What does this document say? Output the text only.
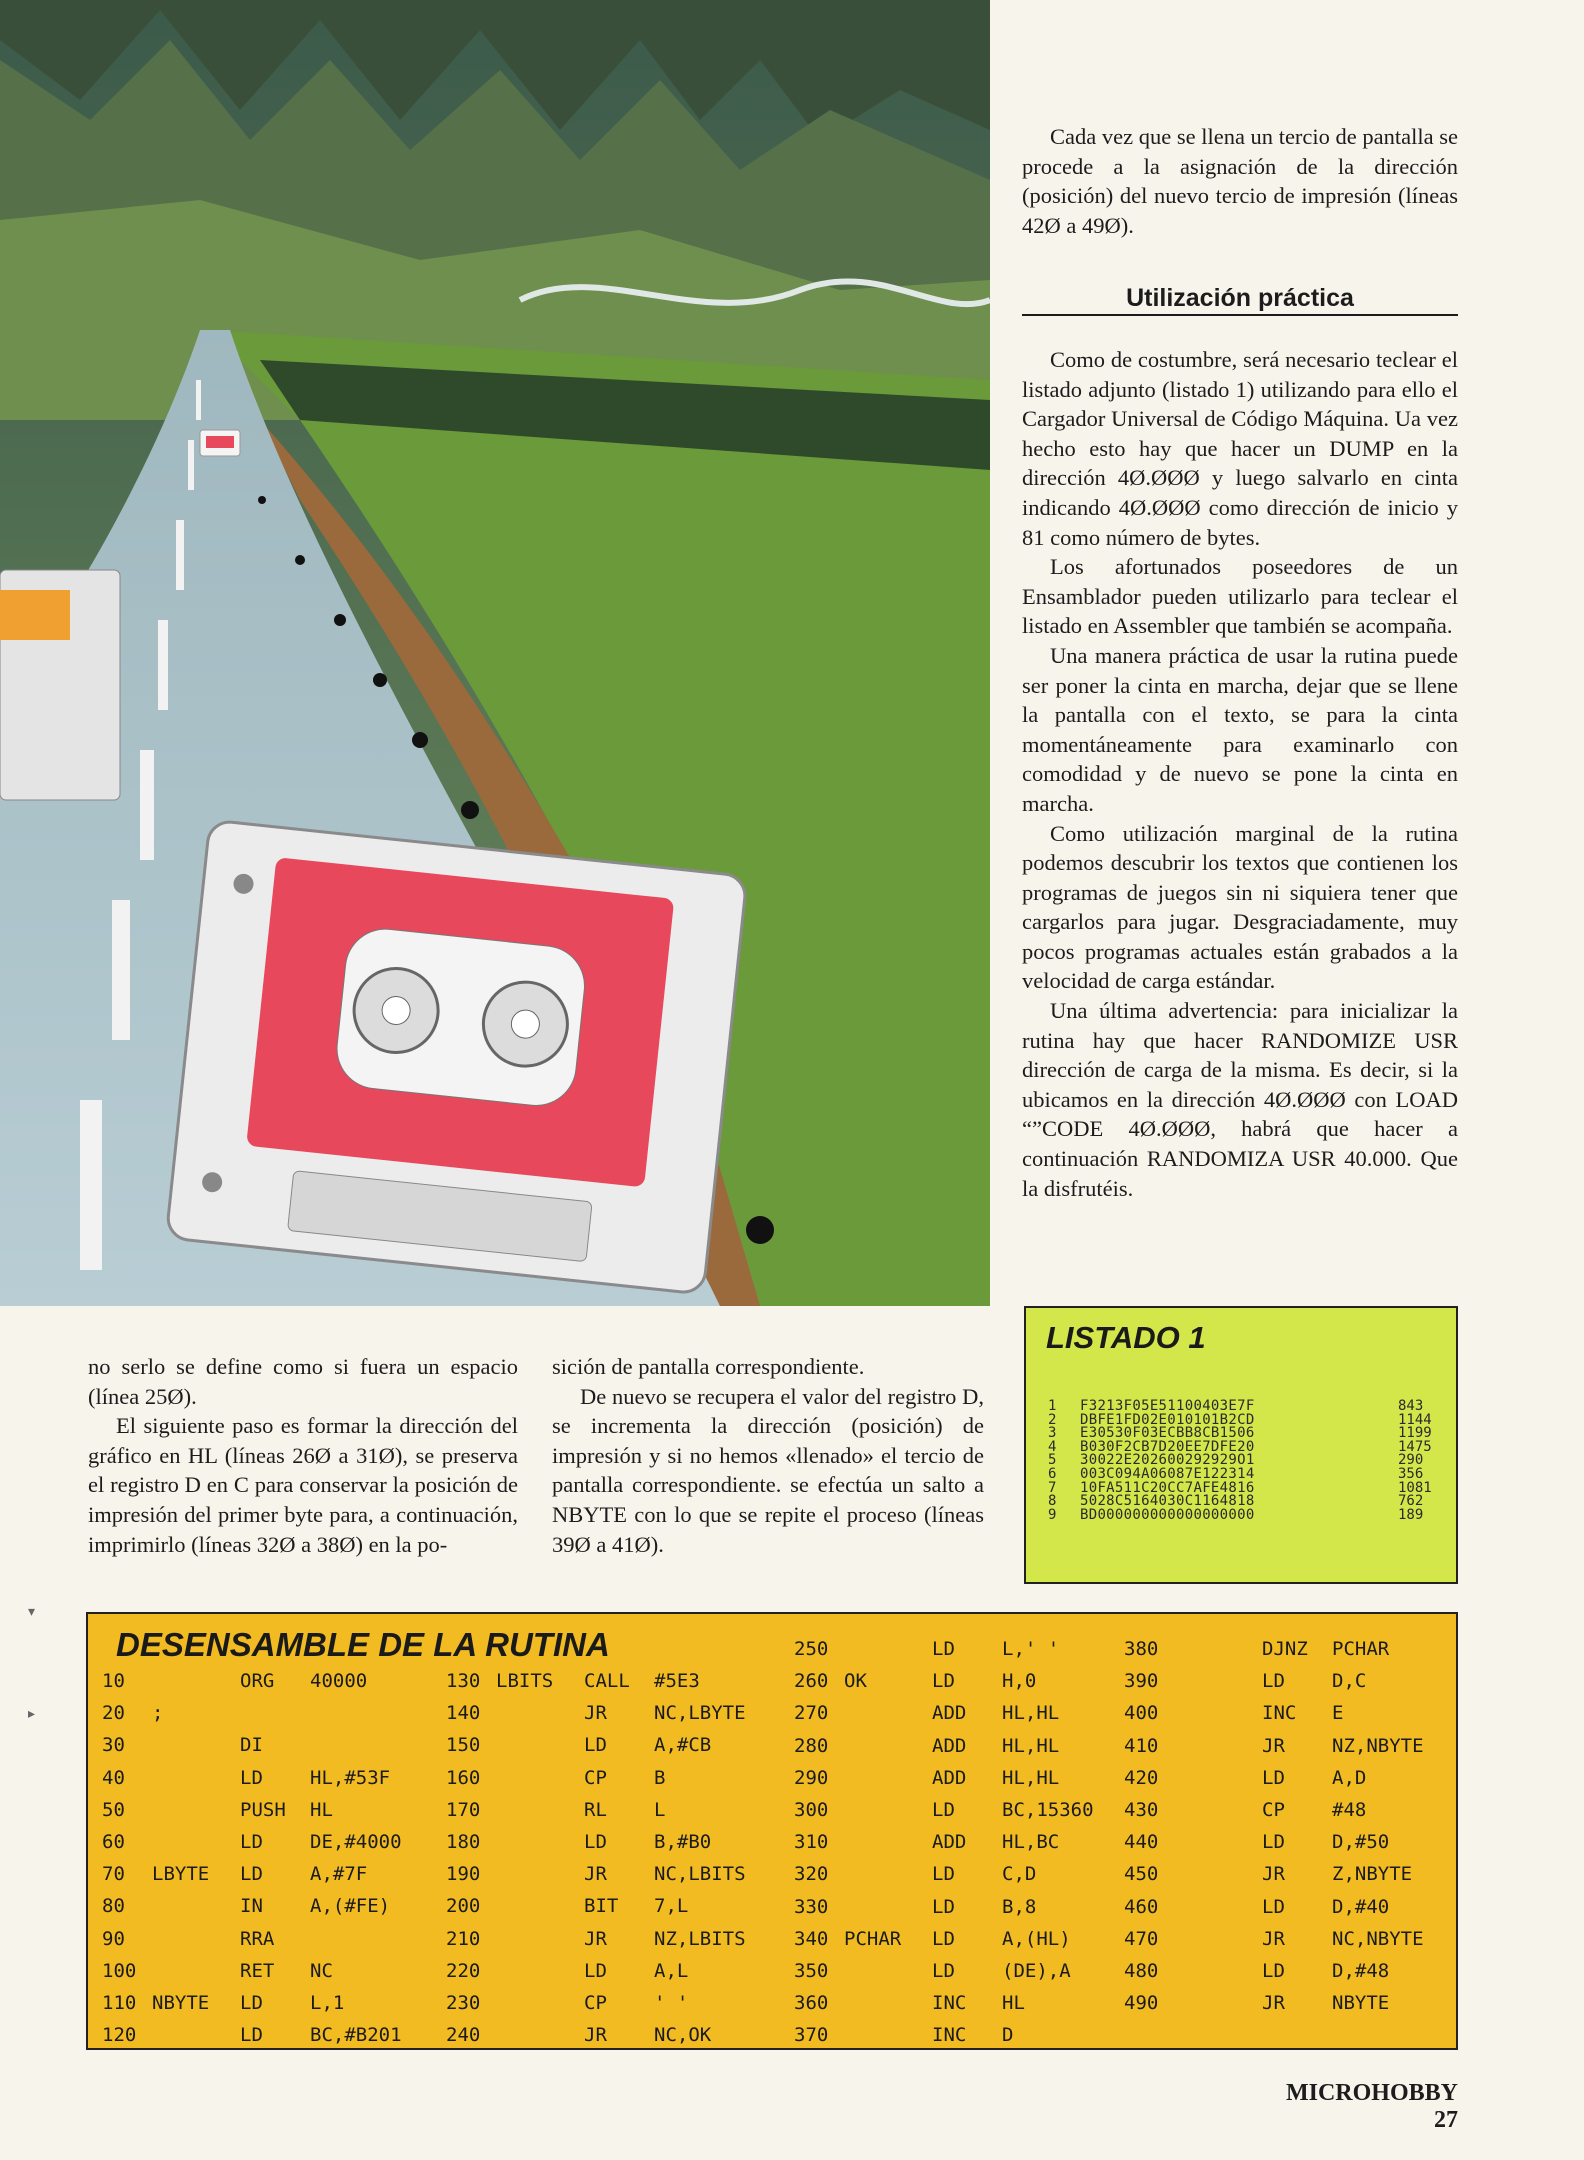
Cada vez que se llena un tercio de pantalla se procede a la asignación de la dirección (posición) del nuevo tercio de impresión (líneas 42Ø a 49Ø).

Utilización práctica

Como de costumbre, será necesario teclear el listado adjunto (listado 1) utilizando para ello el Cargador Universal de Código Máquina. Ua vez hecho esto hay que hacer un DUMP en la dirección 4Ø.ØØØ y luego salvarlo en cinta indicando 4Ø.ØØØ como dirección de inicio y 81 como número de bytes.

Los afortunados poseedores de un Ensamblador pueden utilizarlo para teclear el listado en Assembler que también se acompaña.

Una manera práctica de usar la rutina puede ser poner la cinta en marcha, dejar que se llene la pantalla con el texto, se para la cinta momentáneamente para examinarlo con comodidad y de nuevo se pone la cinta en marcha.

Como utilización marginal de la rutina podemos descubrir los textos que contienen los programas de juegos sin ni siquiera tener que cargarlos para jugar. Desgraciadamente, muy pocos programas actuales están grabados a la velocidad de carga estándar.

Una última advertencia: para inicializar la rutina hay que hacer RANDOMIZE USR dirección de carga de la misma. Es decir, si la ubicamos en la dirección 4Ø.ØØØ con LOAD “”CODE 4Ø.ØØØ, habrá que hacer a continuación RANDOMIZA USR 40.000. Que la disfrutéis.

no serlo se define como si fuera un espacio (línea 25Ø).

El siguiente paso es formar la dirección del gráfico en HL (líneas 26Ø a 31Ø), se preserva el registro D en C para conservar la posición de impresión del primer byte para, a continuación, imprimirlo (líneas 32Ø a 38Ø) en la po-

sición de pantalla correspondiente.

De nuevo se recupera el valor del registro D, se incrementa la dirección (posición) de impresión y si no hemos «llenado» el tercio de pantalla correspondiente. se efectúa un salto a NBYTE con lo que se repite el proceso (líneas 39Ø a 41Ø).

LISTADO 1
1	F3213F05E51100403E7F	843
2	DBFE1FD02E010101B2CD	1144
3	E30530F03ECBB8CB1506	1199
4	B030F2CB7D20EE7DFE20	1475
5	30022E202600292929O1	290
6	003C094A06087E122314	356
7	10FA511C20CC7AFE4816	1081
8	5028C5164030C1164818	762
9	BD000000000000000000	189
DESENSAMBLE DE LA RUTINA
10	ORG 40000
20 ;
30	DI
40	LD HL,#53F
50	PUSH HL
60	LD DE,#4000
70 LBYTE LD A,#7F
80	IN A,(#FE)
90	RRA
100	RET NC
110 NBYTE LD L,1
120	LD BC,#B201
130 LBITS CALL #5E3
140	JR NC,LBYTE
150	LD A,#CB
160	CP B
170	RL L
180	LD B,#B0
190	JR NC,LBITS
200	BIT 7,L
210	JR NZ,LBITS
220	LD A,L
230	CP ' '
240	JR NC,OK
250	LD L,' '
260 OK	LD H,0
270	ADD HL,HL
280	ADD HL,HL
290	ADD HL,HL
300	LD BC,15360
310	ADD HL,BC
320	LD C,D
330	LD B,8
340 PCHAR LD A,(HL)
350	LD (DE),A
360	INC HL
370	INC D
380	DJNZ PCHAR
390	LD D,C
400	INC E
410	JR NZ,NBYTE
420	LD A,D
430	CP #48
440	LD D,#50
450	JR Z,NBYTE
460	LD D,#40
470	JR NC,NBYTE
480	LD D,#48
490	JR NBYTE
MICROHOBBY 27
▾
▸
